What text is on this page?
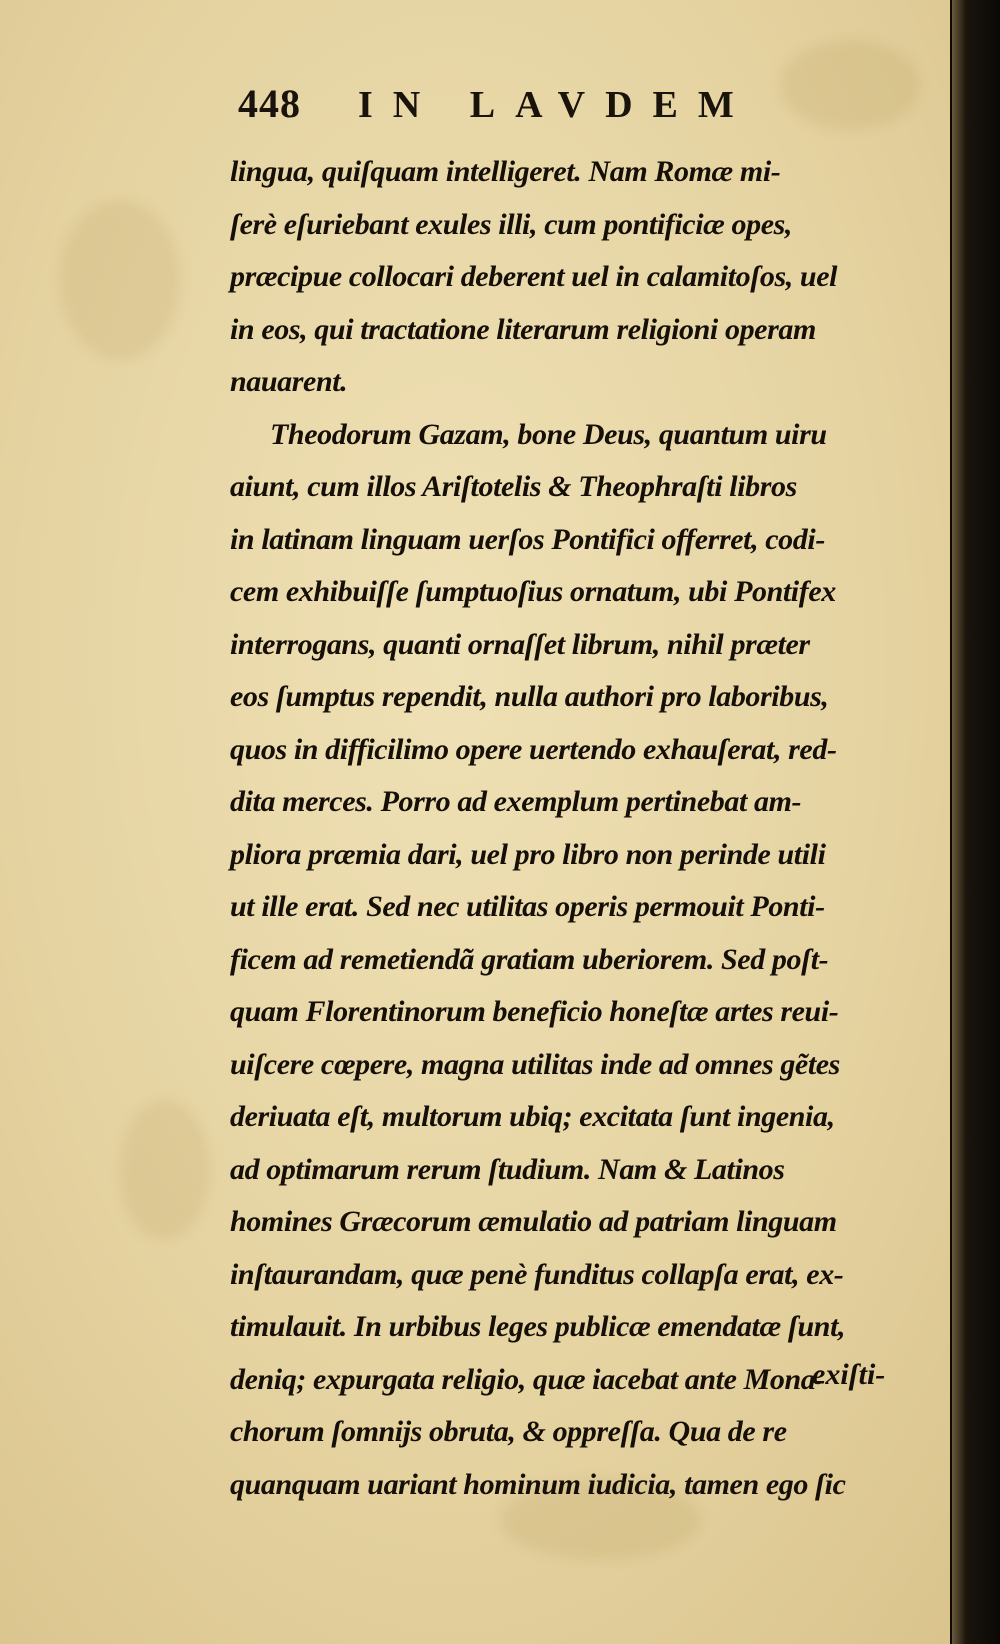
448	IN LAVDEM
lingua, quiſquam intelligeret. Nam Romæ mi‑
ſerè eſuriebant exules illi, cum pontificiæ opes,
præcipue collocari deberent uel in calamitoſos, uel
in eos, qui tractatione literarum religioni operam
nauarent.
Theodorum Gazam, bone Deus, quantum uiru
aiunt, cum illos Ariſtotelis & Theophraſti libros
in latinam linguam uerſos Pontifici offerret, codi‑
cem exhibuiſſe ſumptuoſius ornatum, ubi Pontifex
interrogans, quanti ornaſſet librum, nihil præter
eos ſumptus rependit, nulla authori pro laboribus,
quos in difficilimo opere uertendo exhauſerat, red‑
dita merces. Porro ad exemplum pertinebat am‑
pliora præmia dari, uel pro libro non perinde utili
ut ille erat. Sed nec utilitas operis permouit Ponti‑
ficem ad remetiendã gratiam uberiorem. Sed poſt‑
quam Florentinorum beneficio honeſtæ artes reui‑
uiſcere cœpere, magna utilitas inde ad omnes gẽtes
deriuata eſt, multorum ubiq; excitata ſunt ingenia,
ad optimarum rerum ſtudium. Nam & Latinos
homines Græcorum æmulatio ad patriam linguam
inſtaurandam, quæ penè funditus collapſa erat, ex‑
timulauit. In urbibus leges publicæ emendatæ ſunt,
deniq; expurgata religio, quæ iacebat ante Mona‑
chorum ſomnijs obruta, & oppreſſa. Qua de re
quanquam uariant hominum iudicia, tamen ego ſic
exiſti‑
